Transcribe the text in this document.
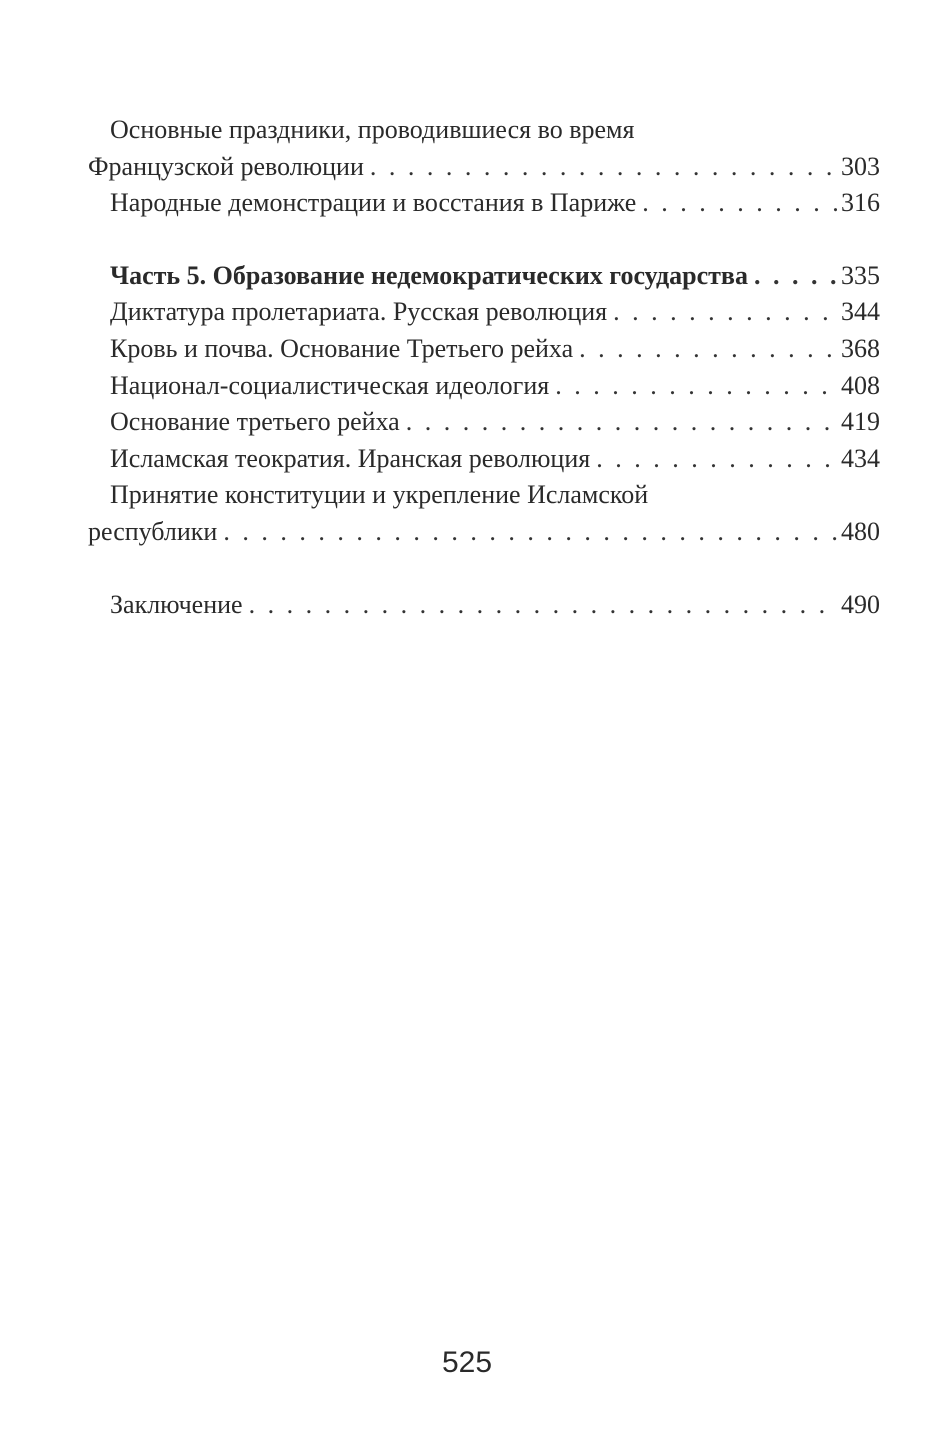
Основные праздники, проводившиеся во время
Французской революции . . .	303
Народные демонстрации и восстания в Париже . . .	316
Часть 5. Образование недемократических государства . . .	335
Диктатура пролетариата. Русская революция . . .	344
Кровь и почва. Основание Третьего рейха . . .	368
Национал-социалистическая идеология . . .	408
Основание третьего рейха . . .	419
Исламская теократия. Иранская революция . . .	434
Принятие конституции и укрепление Исламской
республики . . .	480
Заключение . . .	490
525
